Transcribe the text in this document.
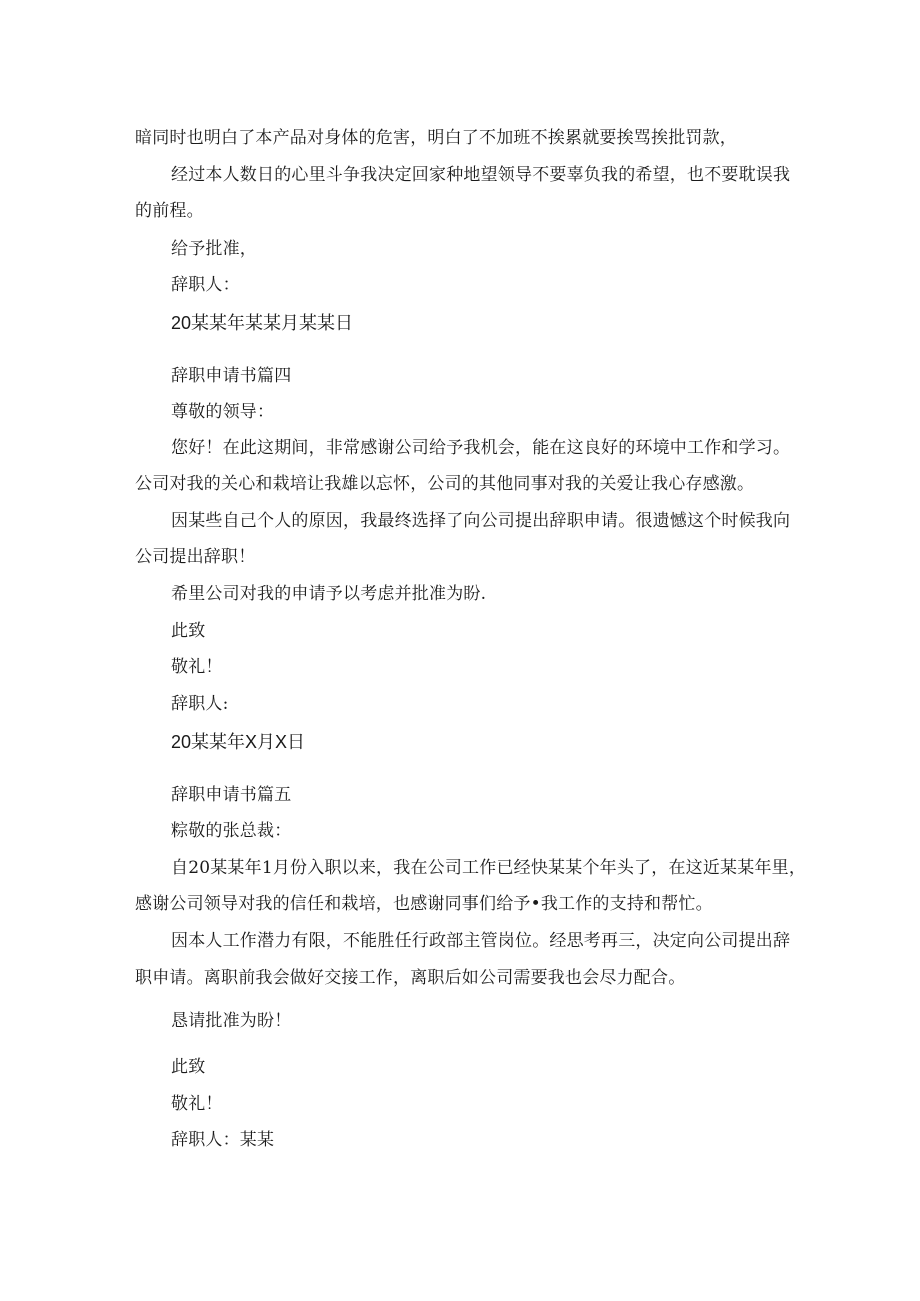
暗同时也明白了本产品对身体的危害，明白了不加班不挨累就要挨骂挨批罚款，
经过本人数日的心里斗争我决定回家种地望领导不要辜负我的希望，也不要耽误我
的前程。
给予批准，
辞职人：
20某某年某某月某某日
辞职申请书篇四
尊敬的领导：
您好！在此这期间，非常感谢公司给予我机会，能在这良好的环境中工作和学习。
公司对我的关心和栽培让我雄以忘怀，公司的其他同事对我的关爱让我心存感激。
因某些自己个人的原因，我最终选择了向公司提出辞职申请。很遗憾这个时候我向
公司提出辞职！
希里公司对我的申请予以考虑并批准为盼.
此致
敬礼！
辞职人:
20某某年X月X日
辞职申请书篇五
粽敬的张总裁：
自20某某年1月份入职以来，我在公司工作已经快某某个年头了，在这近某某年里，
感谢公司领导对我的信任和栽培，也感谢同事们给予•我工作的支持和帮忙。
因本人工作潜力有限，不能胜任行政部主管岗位。经思考再三，决定向公司提出辞
职申请。离职前我会做好交接工作，离职后如公司需要我也会尽力配合。
恳请批准为盼！
此致
敬礼！
辞职人：某某
